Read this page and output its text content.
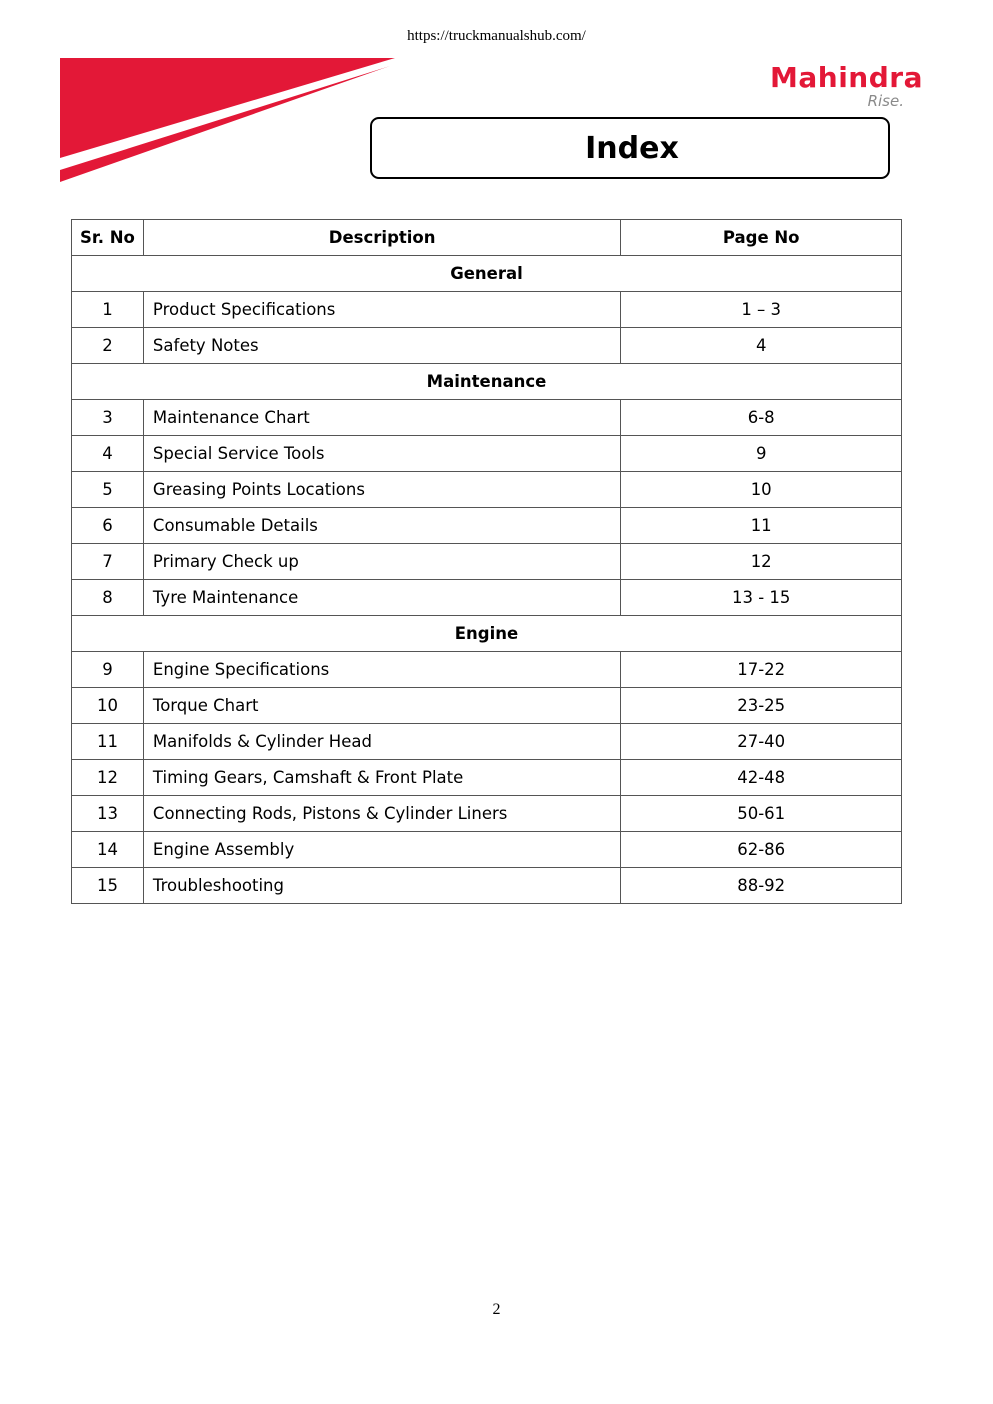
https://truckmanualshub.com/
Mahindra
Rise.
Index
Sr. No	Description	Page No
General		
1	Product Specifications	1 – 3
2	Safety Notes	4
Maintenance		
3	Maintenance Chart	6-8
4	Special Service Tools	9
5	Greasing Points Locations	10
6	Consumable Details	11
7	Primary Check up	12
8	Tyre Maintenance	13 - 15
Engine		
9	Engine Specifications	17-22
10	Torque Chart	23-25
11	Manifolds & Cylinder Head	27-40
12	Timing Gears, Camshaft & Front Plate	42-48
13	Connecting Rods, Pistons & Cylinder Liners	50-61
14	Engine Assembly	62-86
15	Troubleshooting	88-92
2
